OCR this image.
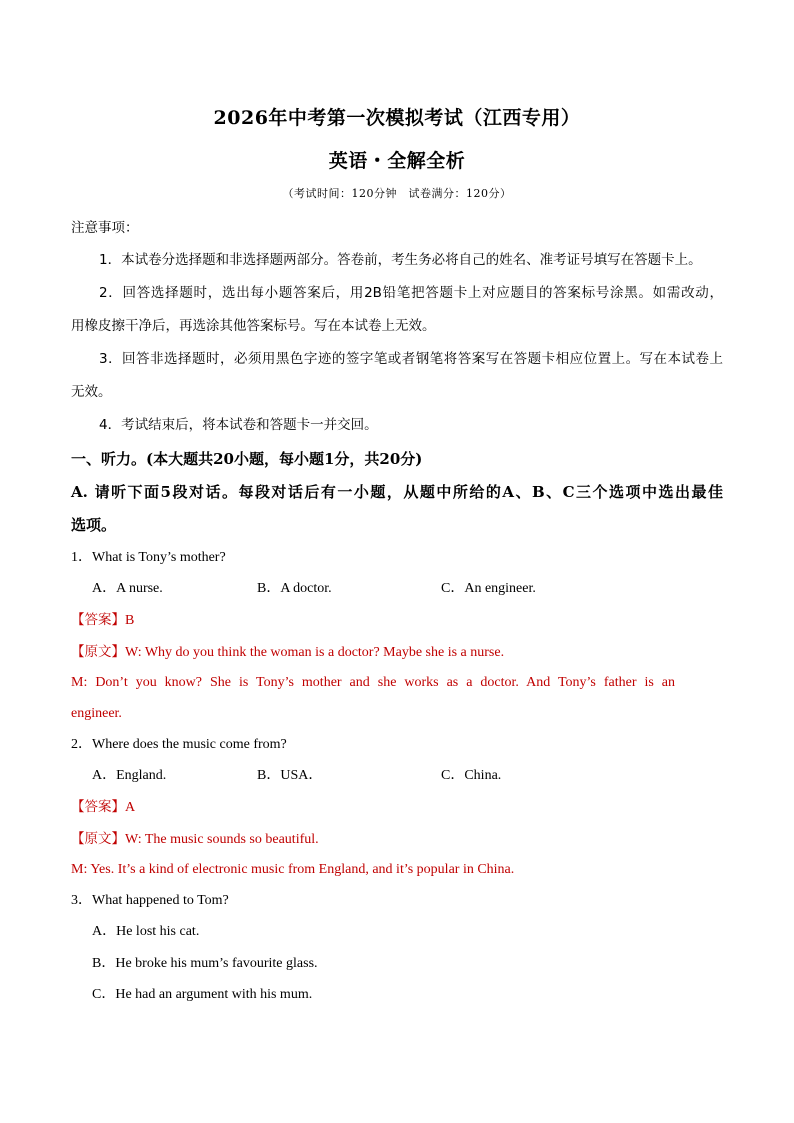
2026年中考第一次模拟考试（江西专用）
英语・全解全析
（考试时间：120分钟　试卷满分：120分）
注意事项：
1．本试卷分选择题和非选择题两部分。答卷前，考生务必将自己的姓名、准考证号填写在答题卡上。
2．回答选择题时，选出每小题答案后，用2B铅笔把答题卡上对应题目的答案标号涂黑。如需改动，
用橡皮擦干净后，再选涂其他答案标号。写在本试卷上无效。
3．回答非选择题时，必须用黑色字迹的签字笔或者钢笔将答案写在答题卡相应位置上。写在本试卷上
无效。
4．考试结束后，将本试卷和答题卡一并交回。
一、听力。(本大题共20小题，每小题1分，共20分)
A. 请听下面5段对话。每段对话后有一小题，从题中所给的A、B、C三个选项中选出最佳
选项。
1．What is Tony’s mother?
A．A nurse.	B．A doctor.	C．An engineer.
【答案】B
【原文】W: Why do you think the woman is a doctor? Maybe she is a nurse.
M: Don’t you know? She is Tony’s mother and she works as a doctor. And Tony’s father is an
engineer.
2．Where does the music come from?
A．England.	B．USA．	C．China.
【答案】A
【原文】W: The music sounds so beautiful.
M: Yes. It’s a kind of electronic music from England, and it’s popular in China.
3．What happened to Tom?
A．He lost his cat.
B．He broke his mum’s favourite glass.
C．He had an argument with his mum.
